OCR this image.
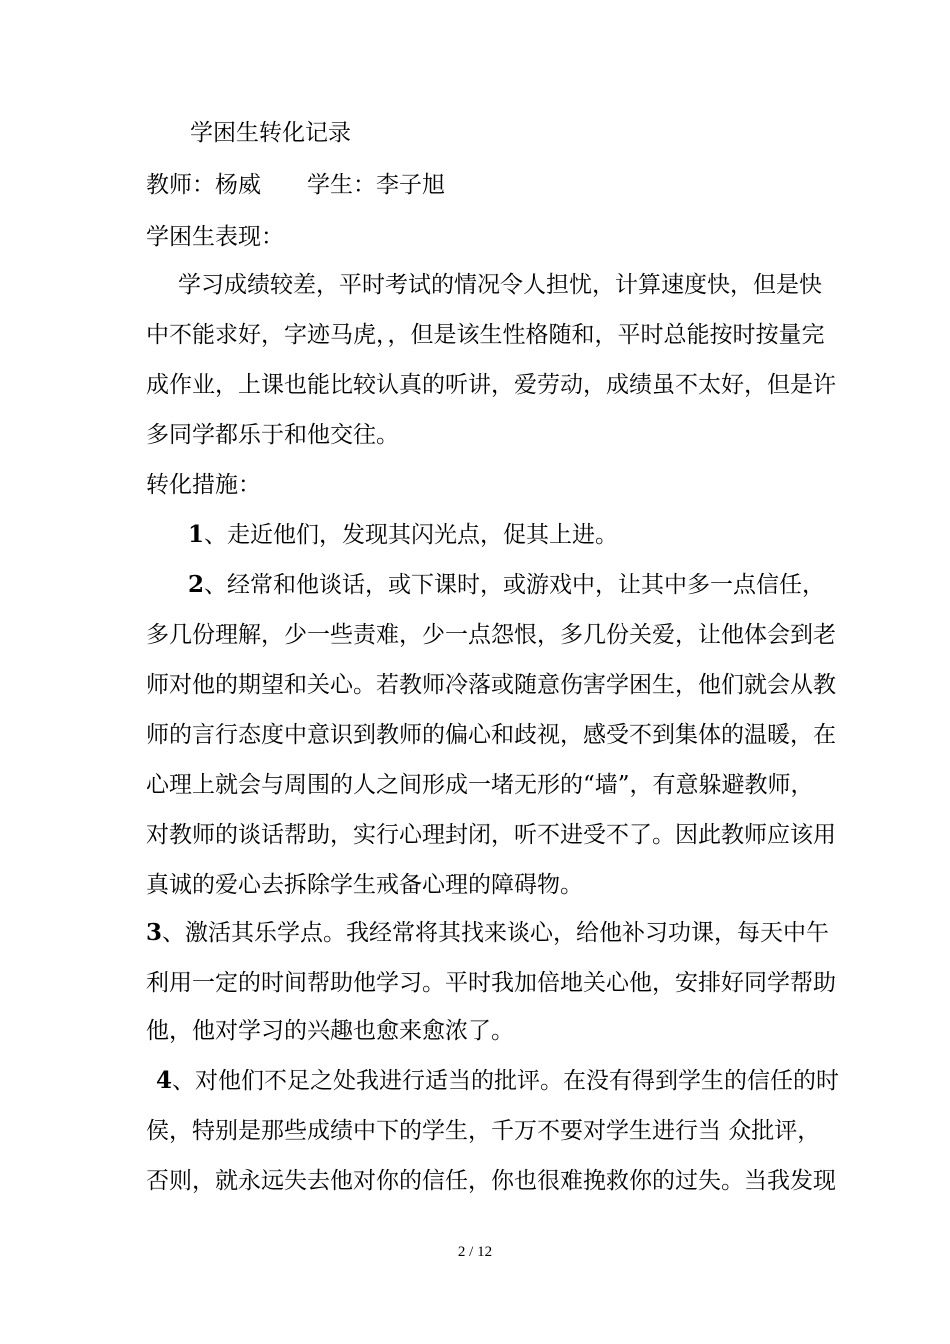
学困生转化记录
教师：杨威　　学生：李子旭
学困生表现：
学习成绩较差，平时考试的情况令人担忧，计算速度快，但是快
中不能求好，字迹马虎，，但是该生性格随和，平时总能按时按量完
成作业，上课也能比较认真的听讲，爱劳动，成绩虽不太好，但是许
多同学都乐于和他交往。
转化措施：
1、走近他们，发现其闪光点，促其上进。
2、经常和他谈话，或下课时，或游戏中，让其中多一点信任，
多几份理解，少一些责难，少一点怨恨，多几份关爱，让他体会到老
师对他的期望和关心。若教师冷落或随意伤害学困生，他们就会从教
师的言行态度中意识到教师的偏心和歧视，感受不到集体的温暖，在
心理上就会与周围的人之间形成一堵无形的“墙”，有意躲避教师，
对教师的谈话帮助，实行心理封闭，听不进受不了。因此教师应该用
真诚的爱心去拆除学生戒备心理的障碍物。
3、激活其乐学点。我经常将其找来谈心，给他补习功课，每天中午
利用一定的时间帮助他学习。平时我加倍地关心他，安排好同学帮助
他，他对学习的兴趣也愈来愈浓了。
4、对他们不足之处我进行适当的批评。在没有得到学生的信任的时
侯，特别是那些成绩中下的学生，千万不要对学生进行当 众批评，
否则，就永远失去他对你的信任，你也很难挽救你的过失。当我发现
2 / 12
